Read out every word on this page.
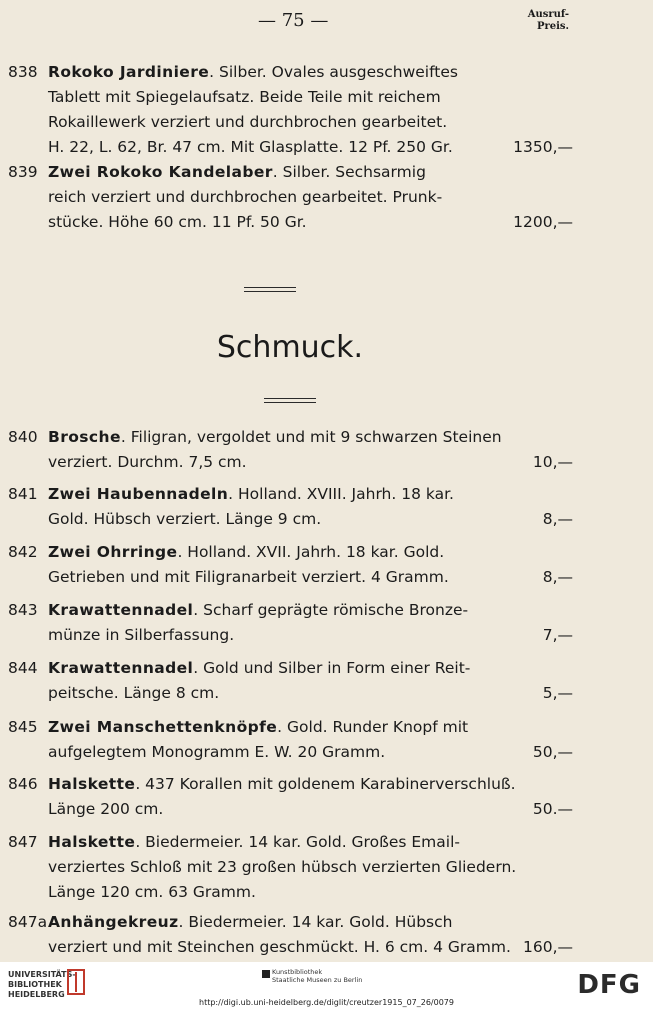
— 75 —	Ausruf-
Preis.
838 Rokoko Jardiniere. Silber. Ovales ausgeschweiftes
Tablett mit Spiegelaufsatz. Beide Teile mit reichem
Rokaillewerk verziert und durchbrochen gearbeitet.
H. 22, L. 62, Br. 47 cm. Mit Glasplatte. 12 Pf. 250 Gr.	1350,—
839 Zwei Rokoko Kandelaber. Silber. Sechsarmig
reich verziert und durchbrochen gearbeitet. Prunk-
stücke. Höhe 60 cm. 11 Pf. 50 Gr.	1200,—
Schmuck.
840 Brosche. Filigran, vergoldet und mit 9 schwarzen Steinen
verziert. Durchm. 7,5 cm.	10,—
841 Zwei Haubennadeln. Holland. XVIII. Jahrh. 18 kar.
Gold. Hübsch verziert. Länge 9 cm.	8,—
842 Zwei Ohrringe. Holland. XVII. Jahrh. 18 kar. Gold.
Getrieben und mit Filigranarbeit verziert. 4 Gramm.	8,—
843 Krawattennadel. Scharf geprägte römische Bronze-
münze in Silberfassung.	7,—
844 Krawattennadel. Gold und Silber in Form einer Reit-
peitsche. Länge 8 cm.	5,—
845 Zwei Manschettenknöpfe. Gold. Runder Knopf mit
aufgelegtem Monogramm E. W. 20 Gramm.	50,—
846 Halskette. 437 Korallen mit goldenem Karabinerverschluß.
Länge 200 cm.	50.—
847 Halskette. Biedermeier. 14 kar. Gold. Großes Email-
verziertes Schloß mit 23 großen hübsch verzierten Gliedern.
Länge 120 cm. 63 Gramm.
847a Anhängekreuz. Biedermeier. 14 kar. Gold. Hübsch
verziert und mit Steinchen geschmückt. H. 6 cm. 4 Gramm. 160,—
UNIVERSITÄTS-
BIBLIOTHEK
HEIDELBERG
Kunstbibliothek
Staatliche Museen zu Berlin
http://digi.ub.uni-heidelberg.de/diglit/creutzer1915_07_26/0079
DFG
